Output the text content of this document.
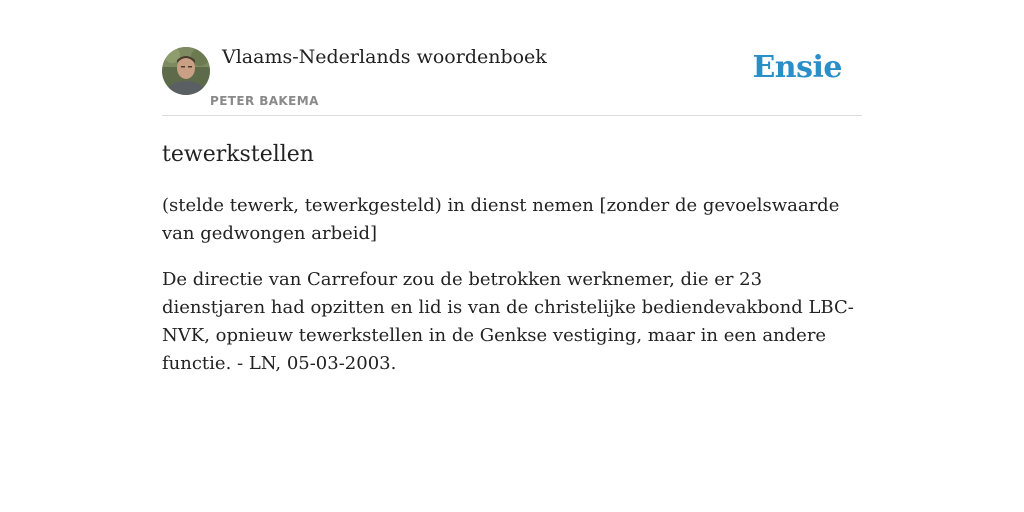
Vlaams-Nederlands woordenboek
PETER BAKEMA
Ensie
tewerkstellen

(stelde tewerk, tewerkgesteld) in dienst nemen [zonder de gevoelswaarde van gedwongen arbeid]

De directie van Carrefour zou de betrokken werknemer, die er 23 dienstjaren had opzitten en lid is van de christelijke bediendevakbond LBC-NVK, opnieuw tewerkstellen in de Genkse vestiging, maar in een andere functie. - LN, 05-03-2003.
